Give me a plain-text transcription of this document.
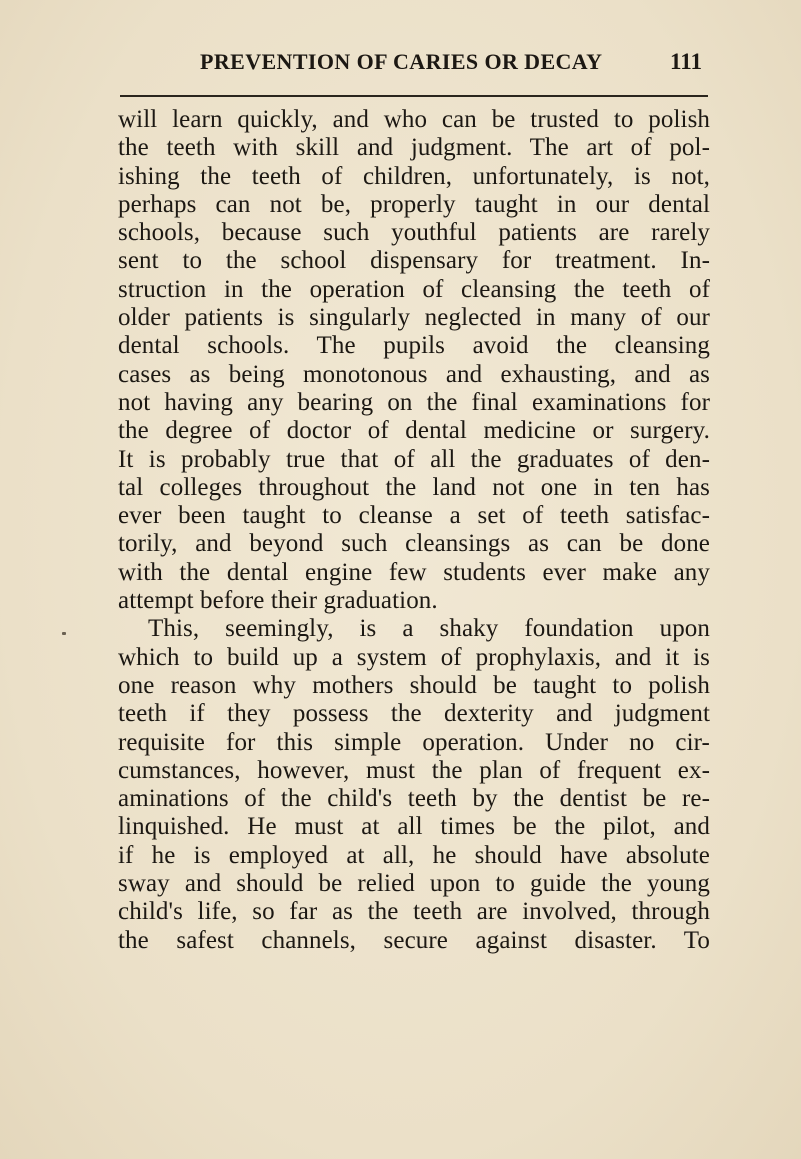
PREVENTION OF CARIES OR DECAY	111
will learn quickly, and who can be trusted to polish
the teeth with skill and judgment. The art of pol-
ishing the teeth of children, unfortunately, is not,
perhaps can not be, properly taught in our dental
schools, because such youthful patients are rarely
sent to the school dispensary for treatment. In-
struction in the operation of cleansing the teeth of
older patients is singularly neglected in many of our
dental schools. The pupils avoid the cleansing
cases as being monotonous and exhausting, and as
not having any bearing on the final examinations for
the degree of doctor of dental medicine or surgery.
It is probably true that of all the graduates of den-
tal colleges throughout the land not one in ten has
ever been taught to cleanse a set of teeth satisfac-
torily, and beyond such cleansings as can be done
with the dental engine few students ever make any
attempt before their graduation.
This, seemingly, is a shaky foundation upon
which to build up a system of prophylaxis, and it is
one reason why mothers should be taught to polish
teeth if they possess the dexterity and judgment
requisite for this simple operation. Under no cir-
cumstances, however, must the plan of frequent ex-
aminations of the child's teeth by the dentist be re-
linquished. He must at all times be the pilot, and
if he is employed at all, he should have absolute
sway and should be relied upon to guide the young
child's life, so far as the teeth are involved, through
the safest channels, secure against disaster. To
